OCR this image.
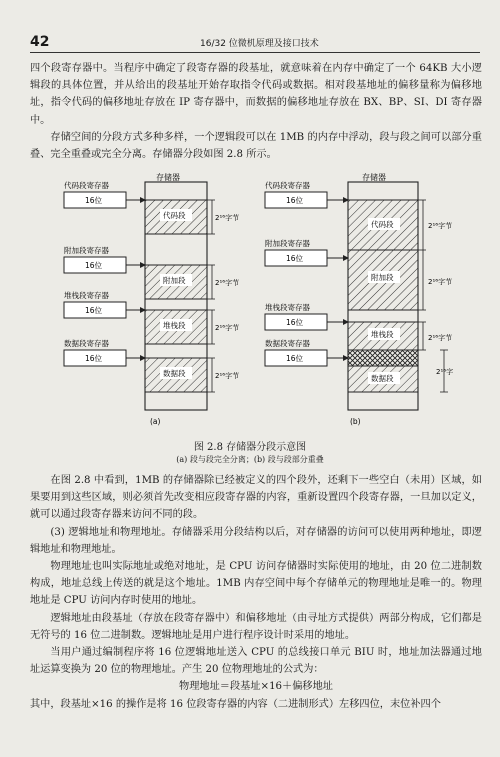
42	16/32 位微机原理及接口技术

四个段寄存器中。当程序中确定了段寄存器的段基址，就意味着在内存中确定了一个 64KB 大小逻辑段的具体位置，并从给出的段基址开始存取指令代码或数据。相对段基地址的偏移量称为偏移地址，指令代码的偏移地址存放在 IP 寄存器中，而数据的偏移地址存放在 BX、BP、SI、DI 寄存器中。

存储空间的分段方式多种多样，一个逻辑段可以在 1MB 的内存中浮动，段与段之间可以部分重叠、完全重叠或完全分离。存储器分段如图 2.8 所示。

存储器
代码段寄存器
16位
附加段寄存器
16位
堆栈段寄存器
16位
数据段寄存器
16位
代码段
附加段
堆栈段
数据段
2¹⁶字节
2¹⁶字节
2¹⁶字节
2¹⁶字节
(a)
存储器
代码段寄存器
16位
附加段寄存器
16位
堆栈段寄存器
16位
数据段寄存器
16位
代码段
附加段
堆栈段
数据段
2¹⁶字节
2¹⁶字节
2¹⁶字节
2¹⁶字
(b)
图 2.8 存储器分段示意图
(a) 段与段完全分离；(b) 段与段部分重叠

在图 2.8 中看到，1MB 的存储器除已经被定义的四个段外，还剩下一些空白（未用）区域，如果要用到这些区域，则必须首先改变相应段寄存器的内容，重新设置四个段寄存器，一旦加以定义，就可以通过段寄存器来访问不同的段。

(3) 逻辑地址和物理地址。存储器采用分段结构以后，对存储器的访问可以使用两种地址，即逻辑地址和物理地址。

物理地址也叫实际地址或绝对地址，是 CPU 访问存储器时实际使用的地址，由 20 位二进制数构成，地址总线上传送的就是这个地址。1MB 内存空间中每个存储单元的物理地址是唯一的。物理地址是 CPU 访问内存时使用的地址。

逻辑地址由段基址（存放在段寄存器中）和偏移地址（由寻址方式提供）两部分构成，它们都是无符号的 16 位二进制数。逻辑地址是用户进行程序设计时采用的地址。

当用户通过编制程序将 16 位逻辑地址送入 CPU 的总线接口单元 BIU 时，地址加法器通过地址运算变换为 20 位的物理地址。产生 20 位物理地址的公式为：

物理地址＝段基址×16＋偏移地址

其中，段基址×16 的操作是将 16 位段寄存器的内容（二进制形式）左移四位，末位补四个
